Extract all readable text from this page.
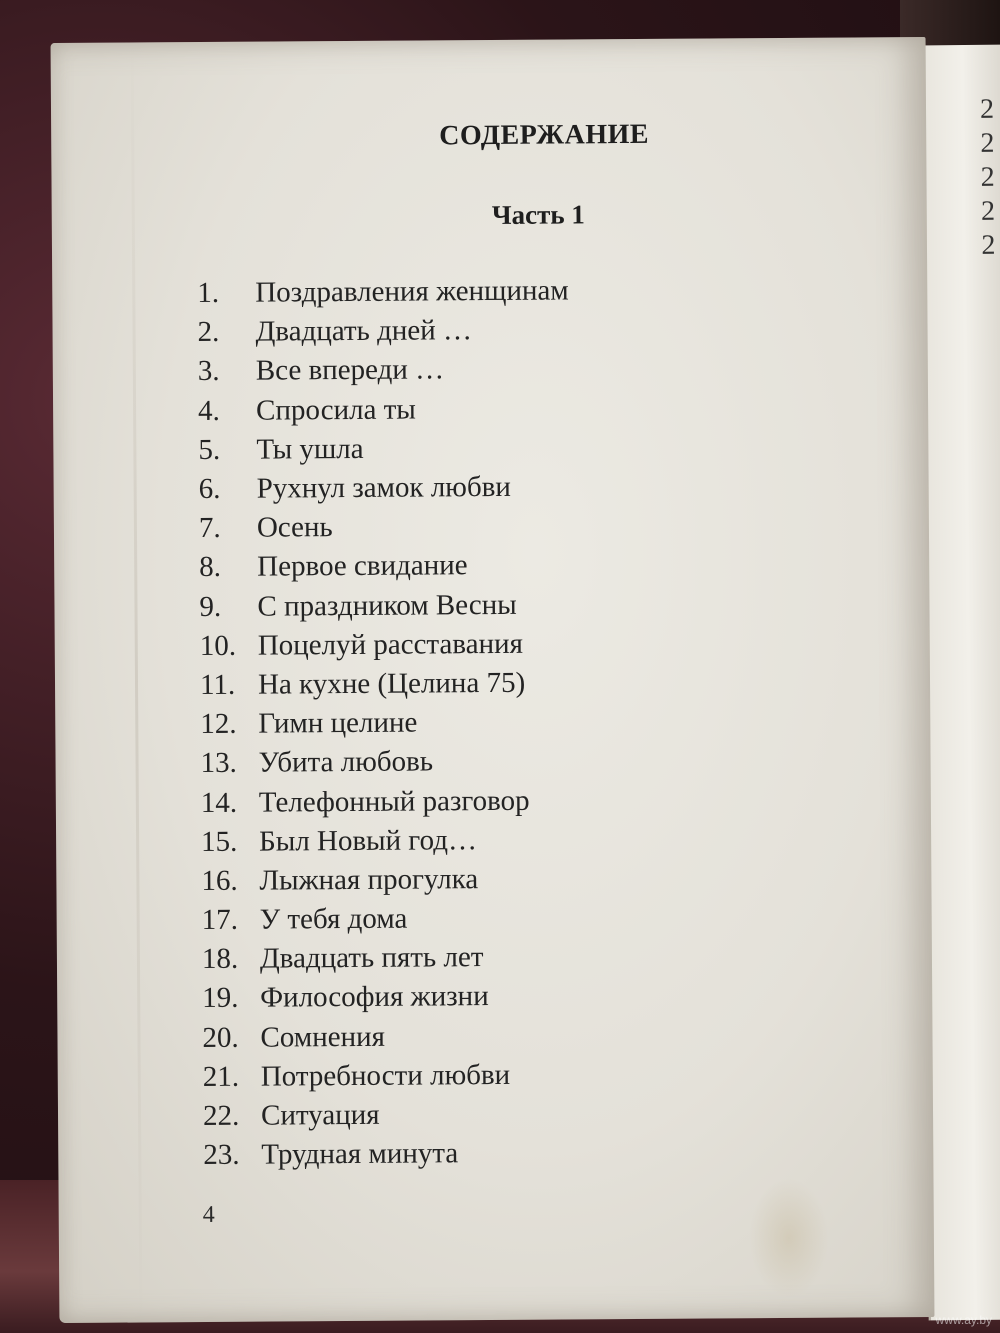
2
2
2
2
2
СОДЕРЖАНИЕ
Часть 1
1.	Поздравления женщинам
2.	Двадцать дней …
3.	Все впереди …
4.	Спросила ты
5.	Ты ушла
6.	Рухнул замок любви
7.	Осень
8.	Первое свидание
9.	С праздником Весны
10. Поцелуй расставания
11. На кухне (Целина 75)
12. Гимн целине
13. Убита любовь
14. Телефонный разговор
15. Был Новый год…
16. Лыжная прогулка
17. У тебя дома
18. Двадцать пять лет
19. Философия жизни
20. Сомнения
21. Потребности любви
22. Ситуация
23. Трудная минута
4
www.ay.by
